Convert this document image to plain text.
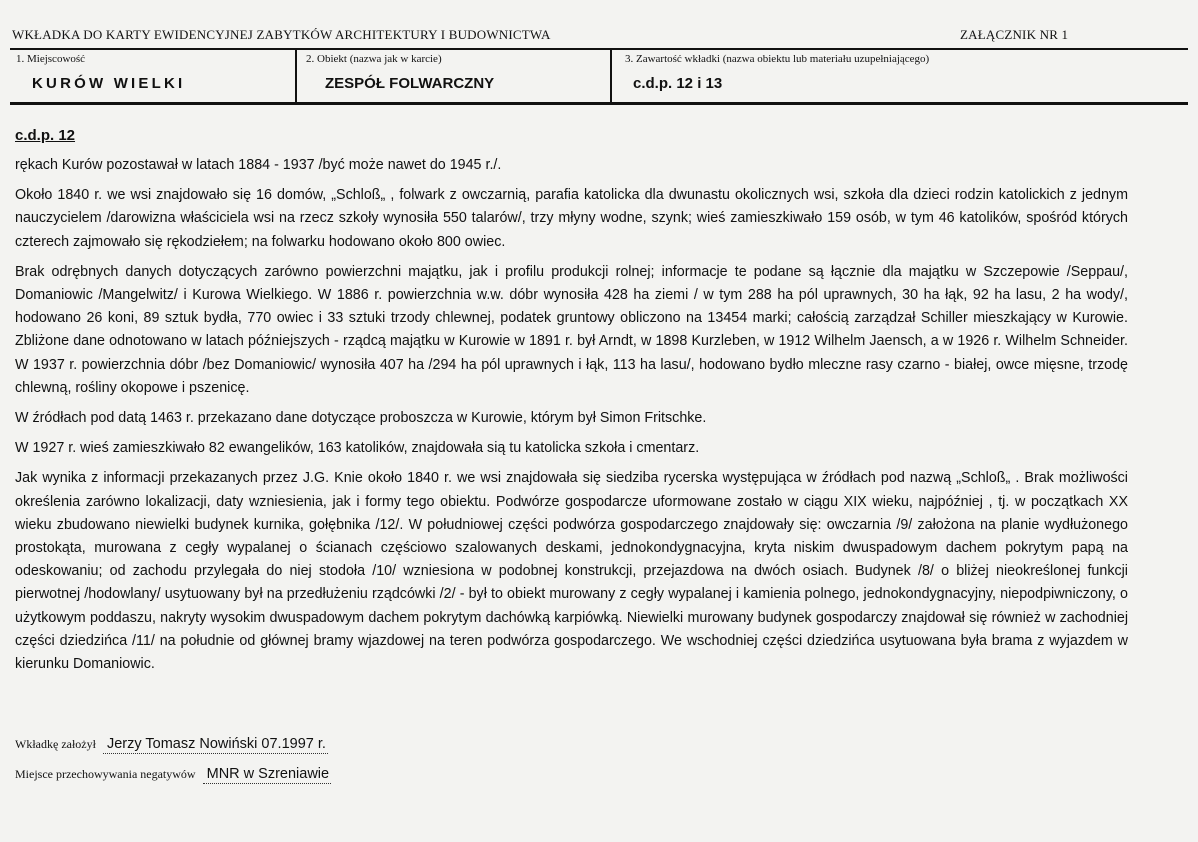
WKŁADKA DO KARTY EWIDENCYJNEJ ZABYTKÓW ARCHITEKTURY I BUDOWNICTWA	ZAŁĄCZNIK NR 1
1. Miejscowość
KURÓW WIELKI
2. Obiekt (nazwa jak w karcie)
ZESPÓŁ FOLWARCZNY
3. Zawartość wkładki (nazwa obiektu lub materiału uzupełniającego)
c.d.p. 12 i 13
c.d.p. 12

rękach Kurów pozostawał w latach 1884 - 1937 /być może nawet do 1945 r./.

Około 1840 r. we wsi znajdowało się 16 domów, „Schloß„ , folwark z owczarnią, parafia katolicka dla dwunastu okolicznych wsi, szkoła dla dzieci rodzin katolickich z jednym nauczycielem /darowizna właściciela wsi na rzecz szkoły wynosiła 550 talarów/, trzy młyny wodne, szynk; wieś zamieszkiwało 159 osób, w tym 46 katolików, spośród których czterech zajmowało się rękodziełem; na folwarku hodowano około 800 owiec.

Brak odrębnych danych dotyczących zarówno powierzchni majątku, jak i profilu produkcji rolnej; informacje te podane są łącznie dla majątku w Szczepowie /Seppau/, Domaniowic /Mangelwitz/ i Kurowa Wielkiego. W 1886 r. powierzchnia w.w. dóbr wynosiła 428 ha ziemi / w tym 288 ha pól uprawnych, 30 ha łąk, 92 ha lasu, 2 ha wody/, hodowano 26 koni, 89 sztuk bydła, 770 owiec i 33 sztuki trzody chlewnej, podatek gruntowy obliczono na 13454 marki; całością zarządzał Schiller mieszkający w Kurowie. Zbliżone dane odnotowano w latach późniejszych - rządcą majątku w Kurowie w 1891 r. był Arndt, w 1898 Kurzleben, w 1912 Wilhelm Jaensch, a w 1926 r. Wilhelm Schneider. W 1937 r. powierzchnia dóbr /bez Domaniowic/ wynosiła 407 ha /294 ha pól uprawnych i łąk, 113 ha lasu/, hodowano bydło mleczne rasy czarno - białej, owce mięsne, trzodę chlewną, rośliny okopowe i pszenicę.

W źródłach pod datą 1463 r. przekazano dane dotyczące proboszcza w Kurowie, którym był Simon Fritschke.

W 1927 r. wieś zamieszkiwało 82 ewangelików, 163 katolików, znajdowała sią tu katolicka szkoła i cmentarz.

Jak wynika z informacji przekazanych przez J.G. Knie około 1840 r. we wsi znajdowała się siedziba rycerska występująca w źródłach pod nazwą „Schloß„ . Brak możliwości określenia zarówno lokalizacji, daty wzniesienia, jak i formy tego obiektu. Podwórze gospodarcze uformowane zostało w ciągu XIX wieku, najpóźniej , tj. w początkach XX wieku zbudowano niewielki budynek kurnika, gołębnika /12/. W południowej części podwórza gospodarczego znajdowały się: owczarnia /9/ założona na planie wydłużonego prostokąta, murowana z cegły wypalanej o ścianach częściowo szalowanych deskami, jednokondygnacyjna, kryta niskim dwuspadowym dachem pokrytym papą na odeskowaniu; od zachodu przylegała do niej stodoła /10/ wzniesiona w podobnej konstrukcji, przejazdowa na dwóch osiach. Budynek /8/ o bliżej nieokreślonej funkcji pierwotnej /hodowlany/ usytuowany był na przedłużeniu rządcówki /2/ - był to obiekt murowany z cegły wypalanej i kamienia polnego, jednokondygnacyjny, niepodpiwniczony, o użytkowym poddaszu, nakryty wysokim dwuspadowym dachem pokrytym dachówką karpiówką. Niewielki murowany budynek gospodarczy znajdował się również w zachodniej części dziedzińca /11/ na południe od głównej bramy wjazdowej na teren podwórza gospodarczego. We wschodniej części dziedzińca usytuowana była brama z wyjazdem w kierunku Domaniowic.

Wkładkę założył Jerzy Tomasz Nowiński 07.1997 r.
Miejsce przechowywania negatywów MNR w Szreniawie
